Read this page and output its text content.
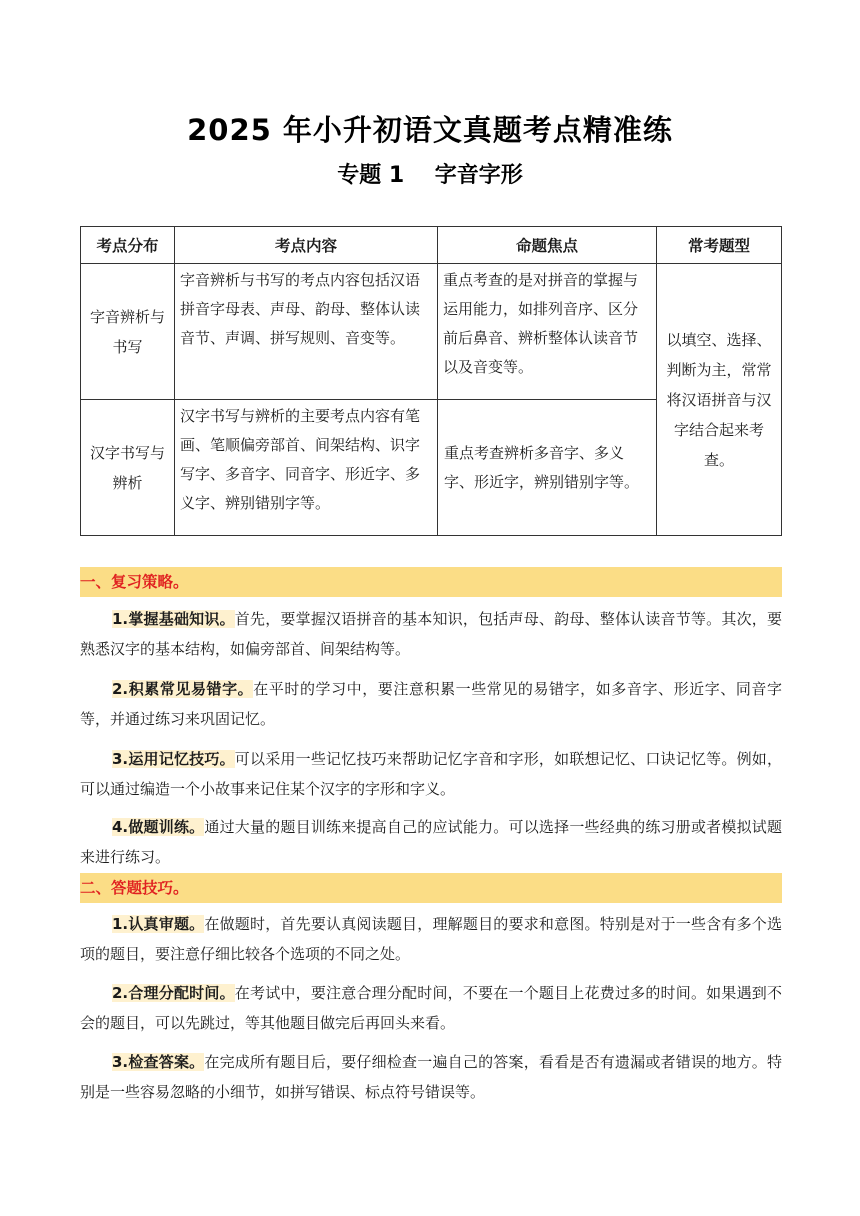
2025 年小升初语文真题考点精准练
专题 1    字音字形
考点分布	考点内容	命题焦点	常考题型
字音辨析与书写	字音辨析与书写的考点内容包括汉语拼音字母表、声母、韵母、整体认读音节、声调、拼写规则、音变等。	重点考查的是对拼音的掌握与运用能力，如排列音序、区分前后鼻音、辨析整体认读音节以及音变等。	以填空、选择、判断为主，常常将汉语拼音与汉字结合起来考查。
汉字书写与辨析	汉字书写与辨析的主要考点内容有笔画、笔顺偏旁部首、间架结构、识字写字、多音字、同音字、形近字、多义字、辨别错别字等。	重点考查辨析多音字、多义字、形近字，辨别错别字等。	
一、复习策略。
1.掌握基础知识。首先，要掌握汉语拼音的基本知识，包括声母、韵母、整体认读音节等。其次，要熟悉汉字的基本结构，如偏旁部首、间架结构等。
2.积累常见易错字。在平时的学习中，要注意积累一些常见的易错字，如多音字、形近字、同音字等，并通过练习来巩固记忆。
3.运用记忆技巧。可以采用一些记忆技巧来帮助记忆字音和字形，如联想记忆、口诀记忆等。例如，可以通过编造一个小故事来记住某个汉字的字形和字义。
4.做题训练。通过大量的题目训练来提高自己的应试能力。可以选择一些经典的练习册或者模拟试题来进行练习。
二、答题技巧。
1.认真审题。在做题时，首先要认真阅读题目，理解题目的要求和意图。特别是对于一些含有多个选项的题目，要注意仔细比较各个选项的不同之处。
2.合理分配时间。在考试中，要注意合理分配时间，不要在一个题目上花费过多的时间。如果遇到不会的题目，可以先跳过，等其他题目做完后再回头来看。
3.检查答案。在完成所有题目后，要仔细检查一遍自己的答案，看看是否有遗漏或者错误的地方。特别是一些容易忽略的小细节，如拼写错误、标点符号错误等。
